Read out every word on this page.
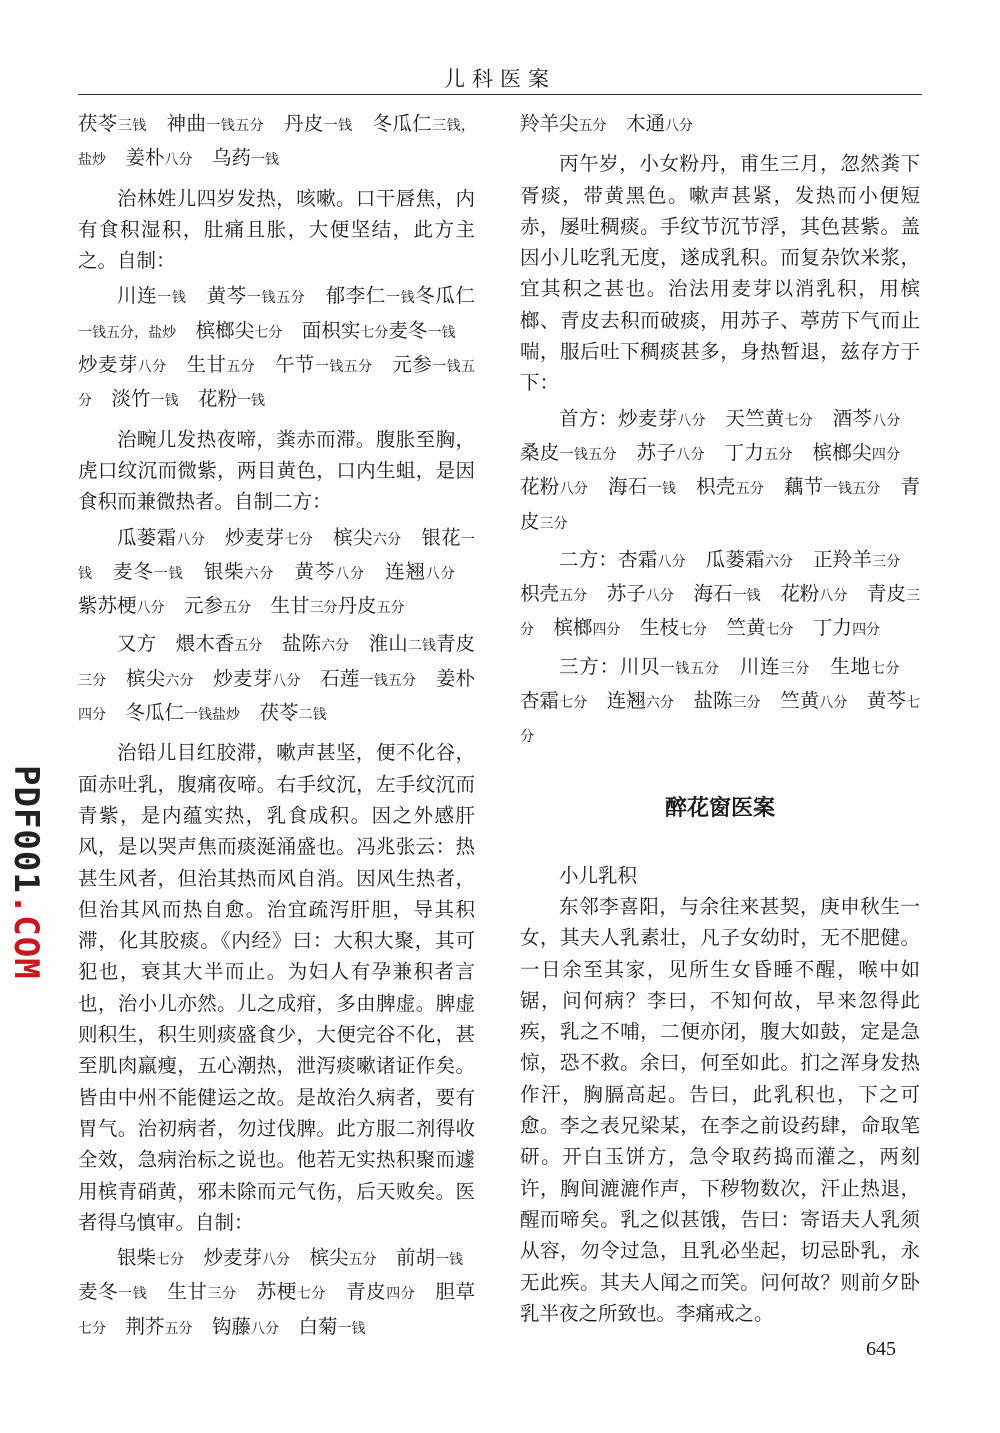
儿科医案
PDF001.COM

茯苓三钱　神曲一钱五分　丹皮一钱　冬瓜仁三钱，盐炒　姜朴八分　乌药一钱

治林姓儿四岁发热，咳嗽。口干唇焦，内有食积湿积，肚痛且胀，大便坚结，此方主之。自制：

川连一钱　黄芩一钱五分　郁李仁一钱冬瓜仁一钱五分，盐炒　槟榔尖七分　面枳实七分麦冬一钱　炒麦芽八分　生甘五分　午节一钱五分　元参一钱五分　淡竹一钱　花粉一钱

治畹儿发热夜啼，粪赤而滞。腹胀至胸，虎口纹沉而微紫，两目黄色，口内生蛆，是因食积而兼微热者。自制二方：

瓜蒌霜八分　炒麦芽七分　槟尖六分　银花一钱　麦冬一钱　银柴六分　黄芩八分　连翘八分　紫苏梗八分　元参五分　生甘三分丹皮五分

又方　煨木香五分　盐陈六分　淮山二钱青皮三分　槟尖六分　炒麦芽八分　石莲一钱五分　姜朴四分　冬瓜仁一钱盐炒　茯苓二钱

治铅儿目红胶滞，嗽声甚坚，便不化谷，面赤吐乳，腹痛夜啼。右手纹沉，左手纹沉而青紫，是内蕴实热，乳食成积。因之外感肝风，是以哭声焦而痰涎涌盛也。冯兆张云：热甚生风者，但治其热而风自消。因风生热者，但治其风而热自愈。治宜疏泻肝胆，导其积滞，化其胶痰。《内经》曰：大积大聚，其可犯也，衰其大半而止。为妇人有孕兼积者言也，治小儿亦然。儿之成疳，多由脾虚。脾虚则积生，积生则痰盛食少，大便完谷不化，甚至肌肉羸瘦，五心潮热，泄泻痰嗽诸证作矣。皆由中州不能健运之故。是故治久病者，要有胃气。治初病者，勿过伐脾。此方服二剂得收全效，急病治标之说也。他若无实热积聚而遽用槟青硝黄，邪未除而元气伤，后天败矣。医者得乌慎审。自制：

银柴七分　炒麦芽八分　槟尖五分　前胡一钱　麦冬一钱　生甘三分　苏梗七分　青皮四分　胆草七分　荆芥五分　钩藤八分　白菊一钱

羚羊尖五分　木通八分

丙午岁，小女粉丹，甫生三月，忽然粪下胥痰，带黄黑色。嗽声甚紧，发热而小便短赤，屡吐稠痰。手纹节沉节浮，其色甚紫。盖因小儿吃乳无度，遂成乳积。而复杂饮米浆，宜其积之甚也。治法用麦芽以消乳积，用槟榔、青皮去积而破痰，用苏子、葶苈下气而止喘，服后吐下稠痰甚多，身热暂退，兹存方于下：

首方：炒麦芽八分　天竺黄七分　酒芩八分　桑皮一钱五分　苏子八分　丁力五分　槟榔尖四分　花粉八分　海石一钱　枳壳五分　藕节一钱五分　青皮三分

二方：杏霜八分　瓜蒌霜六分　正羚羊三分　枳壳五分　苏子八分　海石一钱　花粉八分　青皮三分　槟榔四分　生枝七分　竺黄七分　丁力四分

三方：川贝一钱五分　川连三分　生地七分　杏霜七分　连翘六分　盐陈三分　竺黄八分　黄芩七分

醉花窗医案

小儿乳积

东邻李喜阳，与余往来甚契，庚申秋生一女，其夫人乳素壮，凡子女幼时，无不肥健。一日余至其家，见所生女昏睡不醒，喉中如锯，问何病？李曰，不知何故，早来忽得此疾，乳之不哺，二便亦闭，腹大如鼓，定是急惊，恐不救。余曰，何至如此。扪之浑身发热作汗，胸膈高起。告曰，此乳积也，下之可愈。李之表兄梁某，在李之前设药肆，命取笔研。开白玉饼方，急令取药捣而灌之，两刻许，胸间漉漉作声，下秽物数次，汗止热退，醒而啼矣。乳之似甚饿，告曰：寄语夫人乳须从容，勿令过急，且乳必坐起，切忌卧乳，永无此疾。其夫人闻之而笑。问何故？则前夕卧乳半夜之所致也。李痛戒之。

645
